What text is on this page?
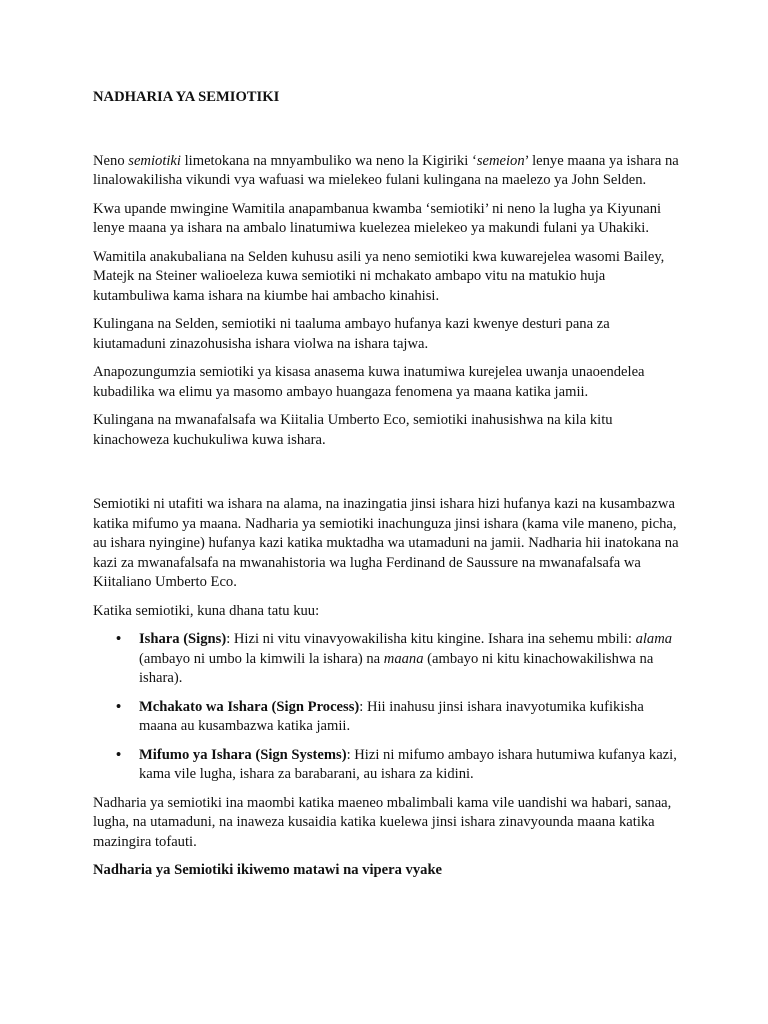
NADHARIA YA SEMIOTIKI

Neno semiotiki limetokana na mnyambuliko wa neno la Kigiriki ‘semeion’ lenye maana ya ishara na linalowakilisha vikundi vya wafuasi wa mielekeo fulani kulingana na maelezo ya John Selden.

Kwa upande mwingine Wamitila anapambanua kwamba ‘semiotiki’ ni neno la lugha ya Kiyunani lenye maana ya ishara na ambalo linatumiwa kuelezea mielekeo ya makundi fulani ya Uhakiki.

Wamitila anakubaliana na Selden kuhusu asili ya neno semiotiki kwa kuwarejelea wasomi Bailey, Matejk na Steiner walioeleza kuwa semiotiki ni mchakato ambapo vitu na matukio huja kutambuliwa kama ishara na kiumbe hai ambacho kinahisi.

Kulingana na Selden, semiotiki ni taaluma ambayo hufanya kazi kwenye desturi pana za kiutamaduni zinazohusisha ishara violwa na ishara tajwa.

Anapozungumzia semiotiki ya kisasa anasema kuwa inatumiwa kurejelea uwanja unaoendelea kubadilika wa elimu ya masomo ambayo huangaza fenomena ya maana katika jamii.

Kulingana na mwanafalsafa wa Kiitalia Umberto Eco, semiotiki inahusishwa na kila kitu kinachoweza kuchukuliwa kuwa ishara.

Semiotiki ni utafiti wa ishara na alama, na inazingatia jinsi ishara hizi hufanya kazi na kusambazwa katika mifumo ya maana. Nadharia ya semiotiki inachunguza jinsi ishara (kama vile maneno, picha, au ishara nyingine) hufanya kazi katika muktadha wa utamaduni na jamii. Nadharia hii inatokana na kazi za mwanafalsafa na mwanahistoria wa lugha Ferdinand de Saussure na mwanafalsafa wa Kiitaliano Umberto Eco.

Katika semiotiki, kuna dhana tatu kuu:

• Ishara (Signs): Hizi ni vitu vinavyowakilisha kitu kingine. Ishara ina sehemu mbili: alama (ambayo ni umbo la kimwili la ishara) na maana (ambayo ni kitu kinachowakilishwa na ishara).
• Mchakato wa Ishara (Sign Process): Hii inahusu jinsi ishara inavyotumika kufikisha maana au kusambazwa katika jamii.
• Mifumo ya Ishara (Sign Systems): Hizi ni mifumo ambayo ishara hutumiwa kufanya kazi, kama vile lugha, ishara za barabarani, au ishara za kidini.

Nadharia ya semiotiki ina maombi katika maeneo mbalimbali kama vile uandishi wa habari, sanaa, lugha, na utamaduni, na inaweza kusaidia katika kuelewa jinsi ishara zinavyounda maana katika mazingira tofauti.

Nadharia ya Semiotiki ikiwemo matawi na vipera vyake
